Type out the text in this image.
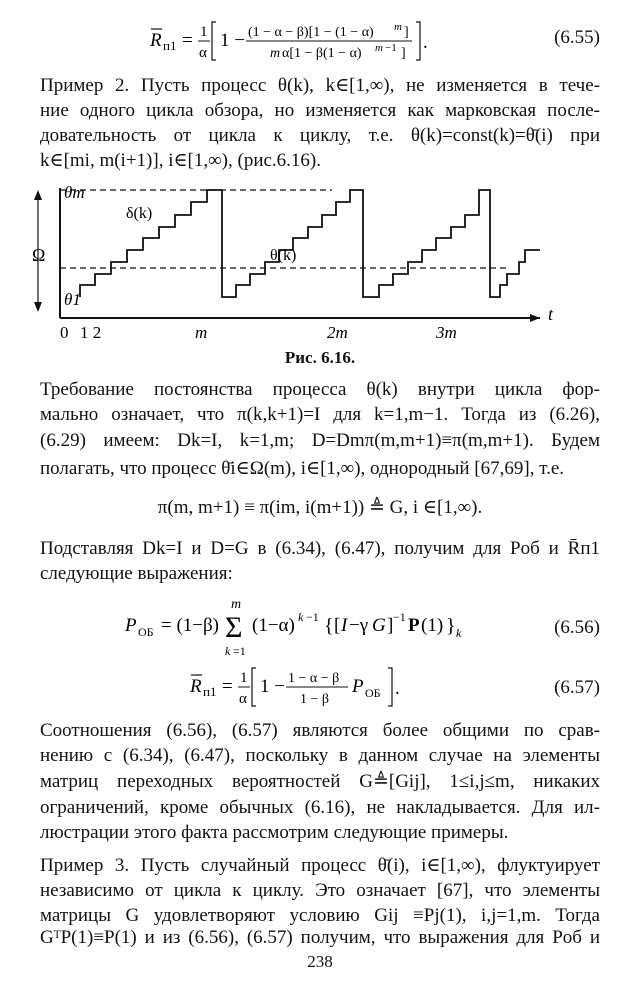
R п1 = 1
α
1 − (1 − α − β)[1 − (1 − α) m ]
m α[1 − β(1 − α) m −1 ]
.	(6.55)
Пример 2. Пусть процесс θ(k), k∈[1,∞), не изменяется в тече-
ние одного цикла обзора, но изменяется как марковская после-
довательность от цикла к циклу, т.е. θ(k)=const(k)=θ̄(i) при
k∈[mi, m(i+1)], i∈[1,∞), (рис.6.16).
θm
θ1
Ω
δ(k)
θ(k)
t
0 1 2	m	2m	3m
Рис. 6.16.
Требование постоянства процесса θ(k) внутри цикла фор-
мально означает, что π(k,k+1)=I для k=1,m−1. Тогда из (6.26),
(6.29) имеем: Dk=I, k=1,m; D=Dmπ(m,m+1)≡π(m,m+1). Будем
полагать, что процесс θ̄i∈Ω(m), i∈[1,∞), однородный [67,69], т.е.
π(m, m+1) ≡ π(im, i(m+1)) ≜ G, i ∈[1,∞).
Подставляя Dk=I и D=G в (6.34), (6.47), получим для Pоб и R̄п1
следующие выражения:
P ОБ = (1−β)
m
Σ
k =1
(1−α) k −1 { [ I −γ G ] −1 P (1) } k	(6.56)
R п1 = 1
α
1 − 1 − α − β
1 − β
P ОБ .	(6.57)
Соотношения (6.56), (6.57) являются более общими по срав-
нению с (6.34), (6.47), поскольку в данном случае на элементы
матриц переходных вероятностей G≜[Gij], 1≤i,j≤m, никаких
ограничений, кроме обычных (6.16), не накладывается. Для ил-
люстрации этого факта рассмотрим следующие примеры.
Пример 3. Пусть случайный процесс θ̄(i), i∈[1,∞), флуктуирует
независимо от цикла к циклу. Это означает [67], что элементы
матрицы G удовлетворяют условию Gij ≡Pj(1), i,j=1,m. Тогда
GᵀP(1)≡P(1) и из (6.56), (6.57) получим, что выражения для Pоб и
238
